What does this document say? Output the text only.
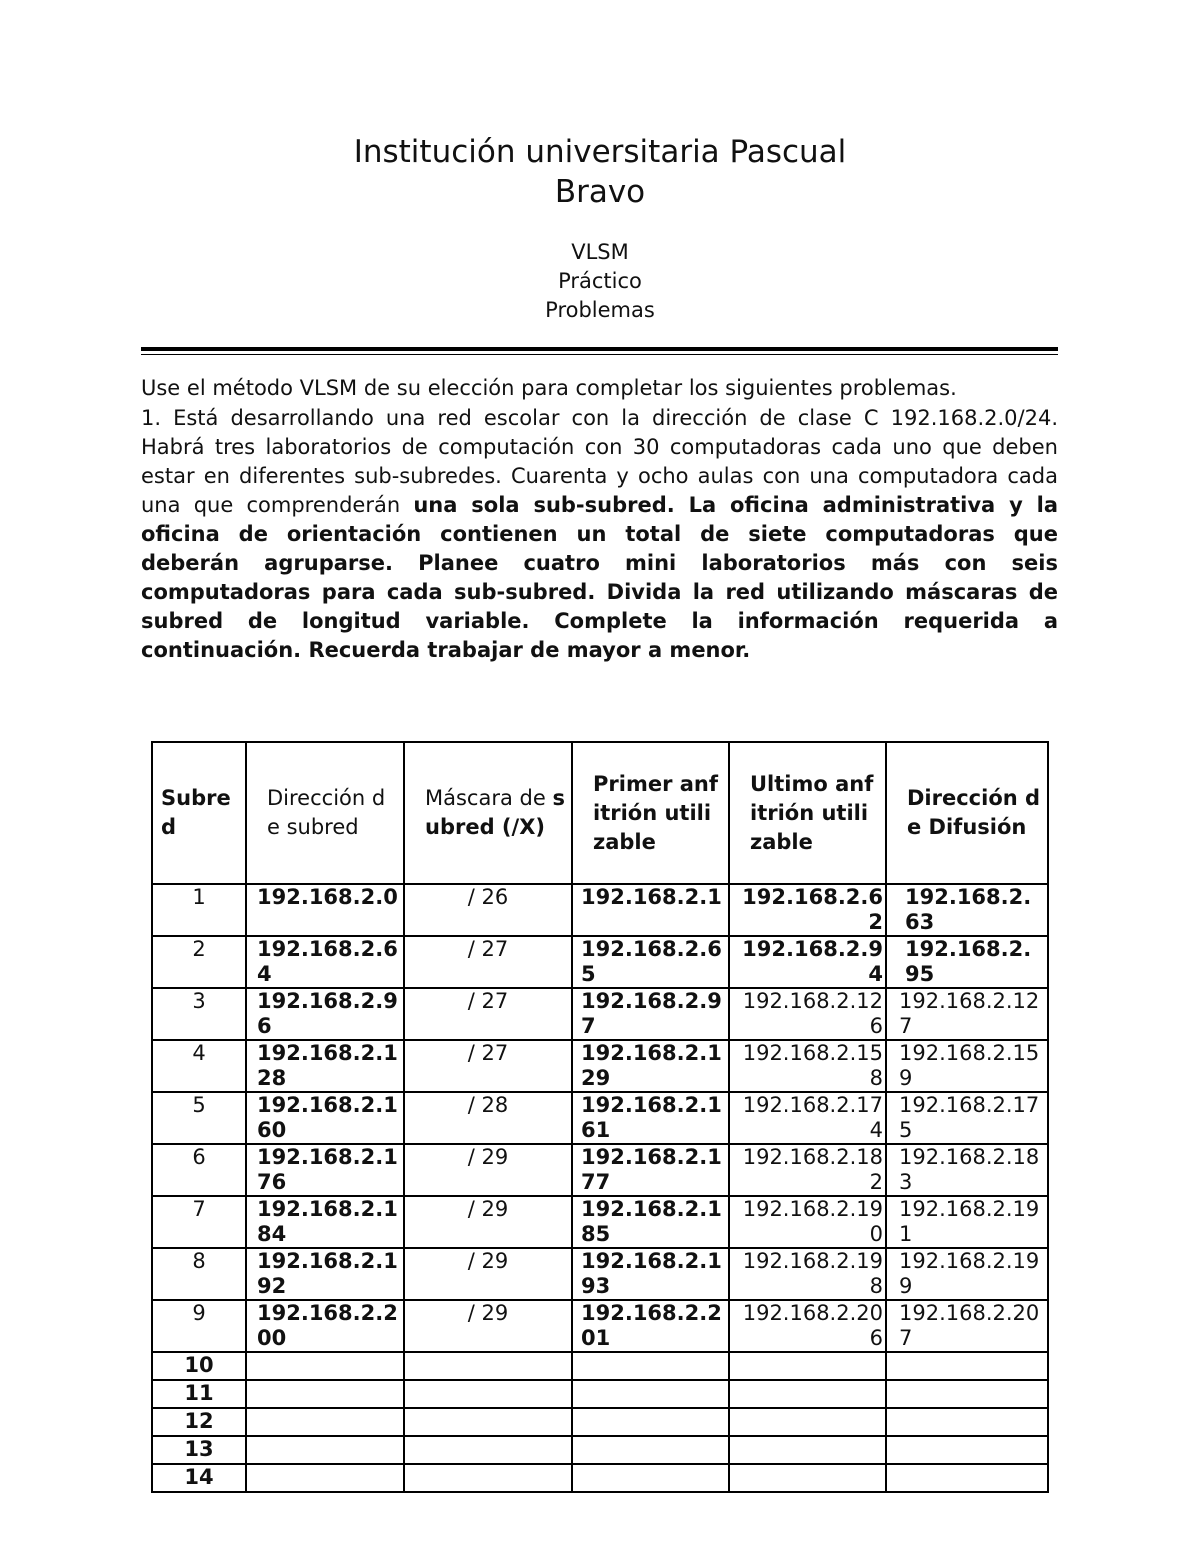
Institución universitaria Pascual
Bravo
VLSM
Práctico
Problemas
Use el método VLSM de su elección para completar los siguientes problemas.
1. Está desarrollando una red escolar con la dirección de clase C 192.168.2.0/24. Habrá tres laboratorios de computación con 30 computadoras cada uno que deben estar en diferentes sub-subredes. Cuarenta y ocho aulas con una computadora cada una que comprenderán una sola sub-subred. La oficina administrativa y la oficina de orientación contienen un total de siete computadoras que deberán agruparse. Planee cuatro mini laboratorios más con seis computadoras para cada sub-subred. Divida la red utilizando máscaras de subred de longitud variable. Complete la información requerida a continuación. Recuerda trabajar de mayor a menor.
Subred	Dirección de subred	Máscara de subred (/X)	Primer anfitrión utilizable	Ultimo anfitrión utilizable	Dirección de Difusión
1	192.168.2.0	/ 26	192.168.2.1	192.168.2.62	192.168.2.63
2	192.168.2.64	/ 27	192.168.2.65	192.168.2.94	192.168.2.95
3	192.168.2.96	/ 27	192.168.2.97	192.168.2.126	192.168.2.127
4	192.168.2.128	/ 27	192.168.2.129	192.168.2.158	192.168.2.159
5	192.168.2.160	/ 28	192.168.2.161	192.168.2.174	192.168.2.175
6	192.168.2.176	/ 29	192.168.2.177	192.168.2.182	192.168.2.183
7	192.168.2.184	/ 29	192.168.2.185	192.168.2.190	192.168.2.191
8	192.168.2.192	/ 29	192.168.2.193	192.168.2.198	192.168.2.199
9	192.168.2.200	/ 29	192.168.2.201	192.168.2.206	192.168.2.207
10					
11					
12					
13					
14					
